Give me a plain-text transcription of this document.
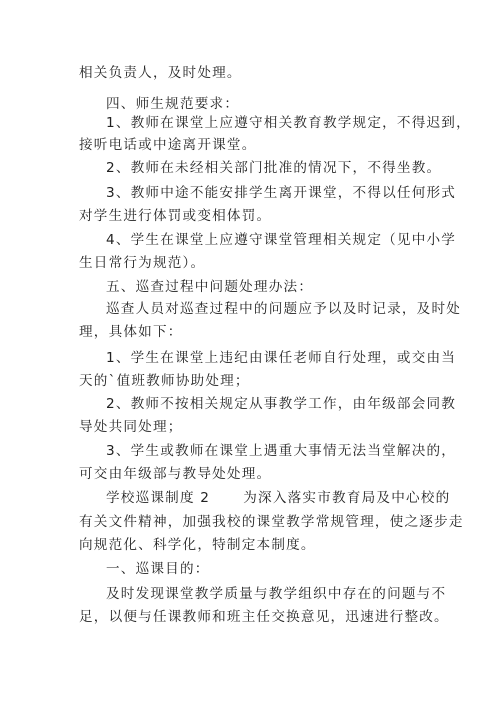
相关负责人，及时处理。
四、师生规范要求：
1、教师在课堂上应遵守相关教育教学规定，不得迟到，
接听电话或中途离开课堂。
2、教师在未经相关部门批准的情况下，不得坐教。
3、教师中途不能安排学生离开课堂，不得以任何形式
对学生进行体罚或变相体罚。
4、学生在课堂上应遵守课堂管理相关规定（见中小学
生日常行为规范）。
五、巡查过程中问题处理办法：
巡查人员对巡查过程中的问题应予以及时记录，及时处
理，具体如下：
1、学生在课堂上违纪由课任老师自行处理，或交由当
天的`值班教师协助处理；
2、教师不按相关规定从事教学工作，由年级部会同教
导处共同处理；
3、学生或教师在课堂上遇重大事情无法当堂解决的，
可交由年级部与教导处处理。
学校巡课制度 2      为深入落实市教育局及中心校的
有关文件精神，加强我校的课堂教学常规管理，使之逐步走
向规范化、科学化，特制定本制度。
一、巡课目的：
及时发现课堂教学质量与教学组织中存在的问题与不
足，以便与任课教师和班主任交换意见，迅速进行整改。
